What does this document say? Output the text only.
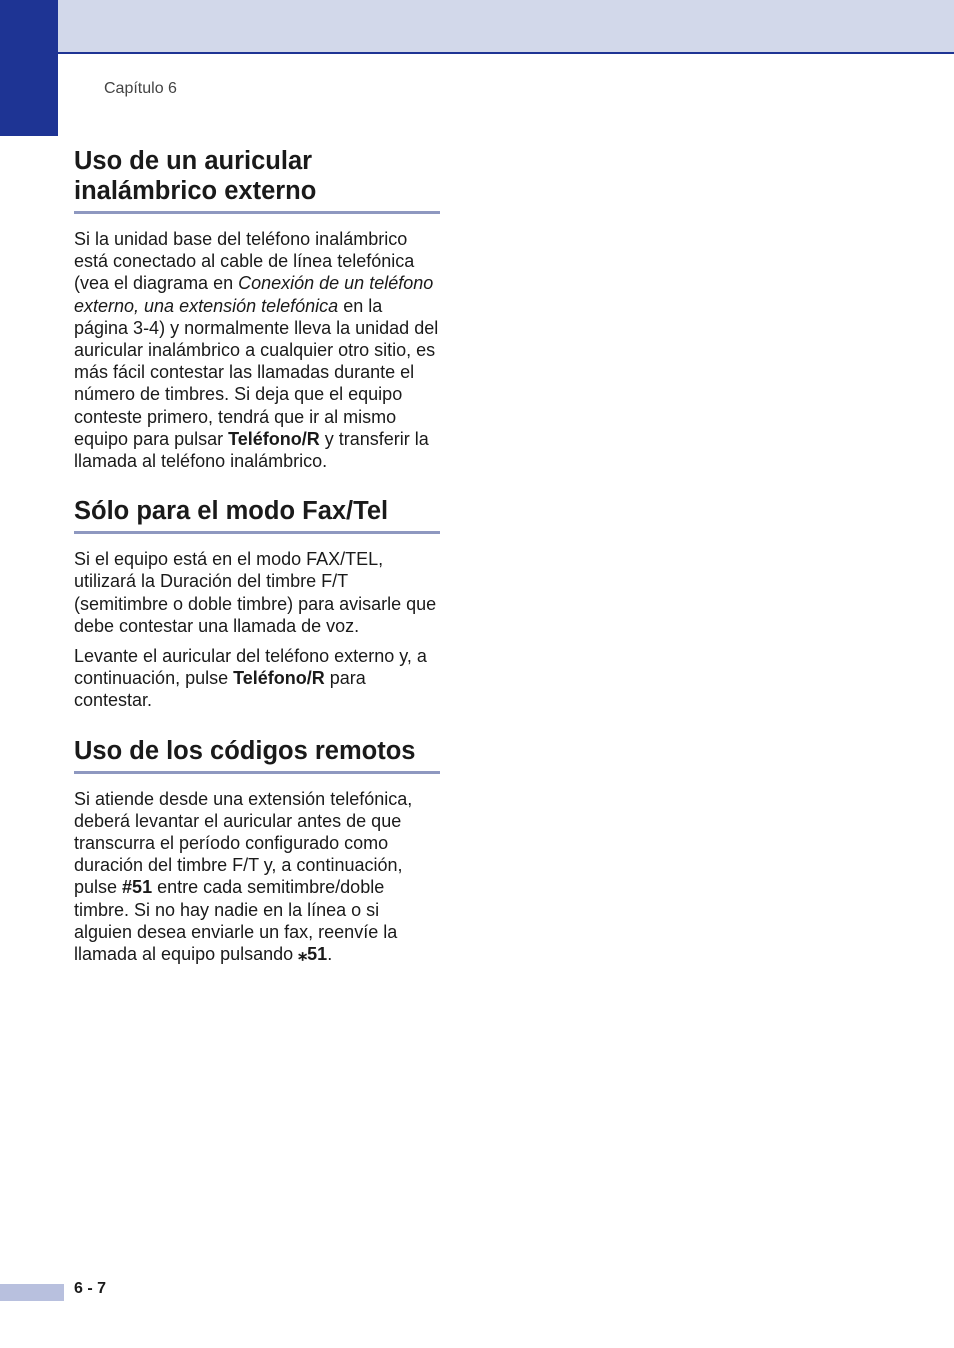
Capítulo 6
Uso de un auricular
inalámbrico externo

Si la unidad base del teléfono inalámbrico está conectado al cable de línea telefónica (vea el diagrama en Conexión de un teléfono externo, una extensión telefónica en la página 3-4) y normalmente lleva la unidad del auricular inalámbrico a cualquier otro sitio, es más fácil contestar las llamadas durante el número de timbres. Si deja que el equipo conteste primero, tendrá que ir al mismo equipo para pulsar Teléfono/R y transferir la llamada al teléfono inalámbrico.

Sólo para el modo Fax/Tel

Si el equipo está en el modo FAX/TEL, utilizará la Duración del timbre F/T (semitimbre o doble timbre) para avisarle que debe contestar una llamada de voz.

Levante el auricular del teléfono externo y, a continuación, pulse Teléfono/R para contestar.

Uso de los códigos remotos

Si atiende desde una extensión telefónica, deberá levantar el auricular antes de que transcurra el período configurado como duración del timbre F/T y, a continuación, pulse #51 entre cada semitimbre/doble timbre. Si no hay nadie en la línea o si alguien desea enviarle un fax, reenvíe la llamada al equipo pulsando ⁎51.

6 - 7
